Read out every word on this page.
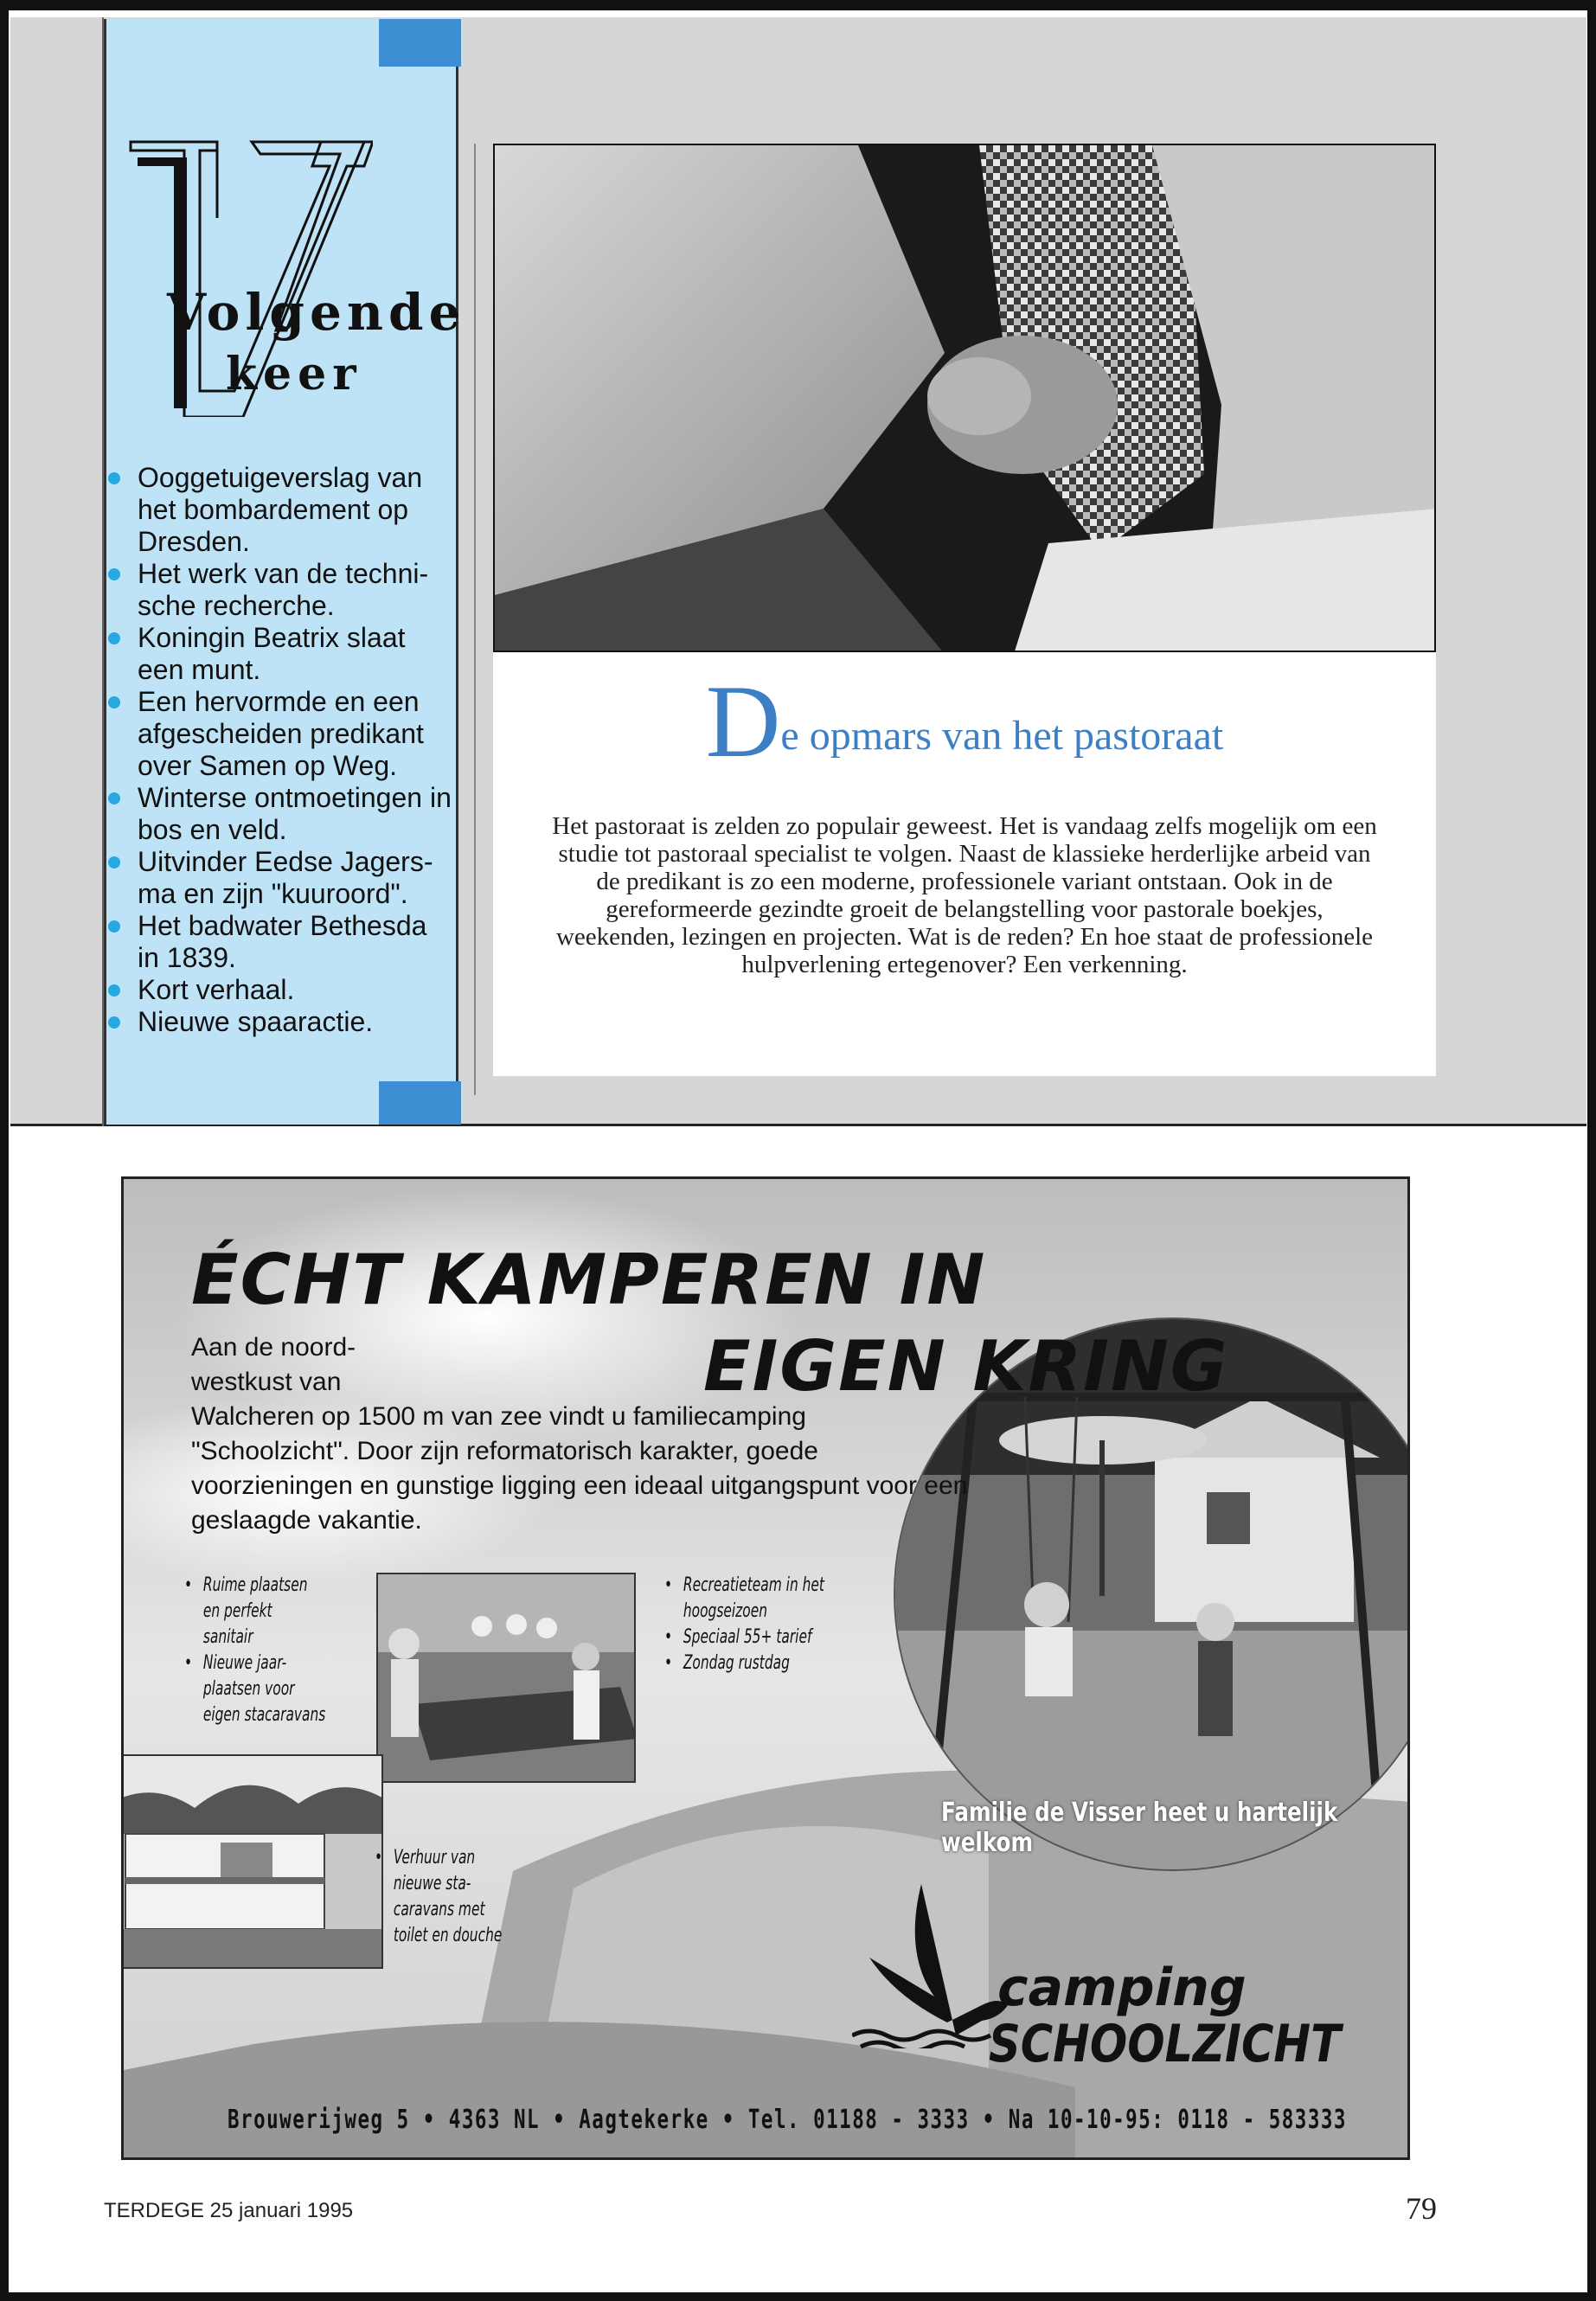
Volgende
keer
Ooggetuigeverslag van het bombardement op Dresden.
Het werk van de techni-sche recherche.
Koningin Beatrix slaat een munt.
Een hervormde en een afgescheiden predikant over Samen op Weg.
Winterse ontmoetingen in bos en veld.
Uitvinder Eedse Jagers-ma en zijn "kuuroord".
Het badwater Bethesda in 1839.
Kort verhaal.
Nieuwe spaaractie.
De opmars van het pastoraat

Het pastoraat is zelden zo populair geweest. Het is vandaag zelfs mogelijk om een studie tot pastoraal specialist te volgen. Naast de klassieke herderlijke arbeid van de predikant is zo een moderne, professionele variant ontstaan. Ook in de gereformeerde gezindte groeit de belangstelling voor pastorale boekjes, weekenden, lezingen en projecten. Wat is de reden? En hoe staat de professionele hulpverlening ertegenover? Een verkenning.

ÉCHT KAMPEREN IN
EIGEN KRING
Aan de noord-westkust van
Walcheren op 1500 m van zee vindt u familiecamping "Schoolzicht". Door zijn reformatorisch karakter, goede voorzieningen en gunstige ligging een ideaal uitgangspunt voor een geslaagde vakantie.
• Ruime plaatsen en perfekt sanitair
• Nieuwe jaar-plaatsen voor eigen stacaravans
• Recreatieteam in het hoogseizoen
• Speciaal 55+ tarief
• Zondag rustdag
• Verhuur van nieuwe sta-caravans met toilet en douche
Familie de Visser heet u hartelijk welkom
camping
SCHOOLZICHT
Brouwerijweg 5 • 4363 NL • Aagtekerke • Tel. 01188 - 3333 • Na 10-10-95: 0118 - 583333
TERDEGE 25 januari 1995	79
